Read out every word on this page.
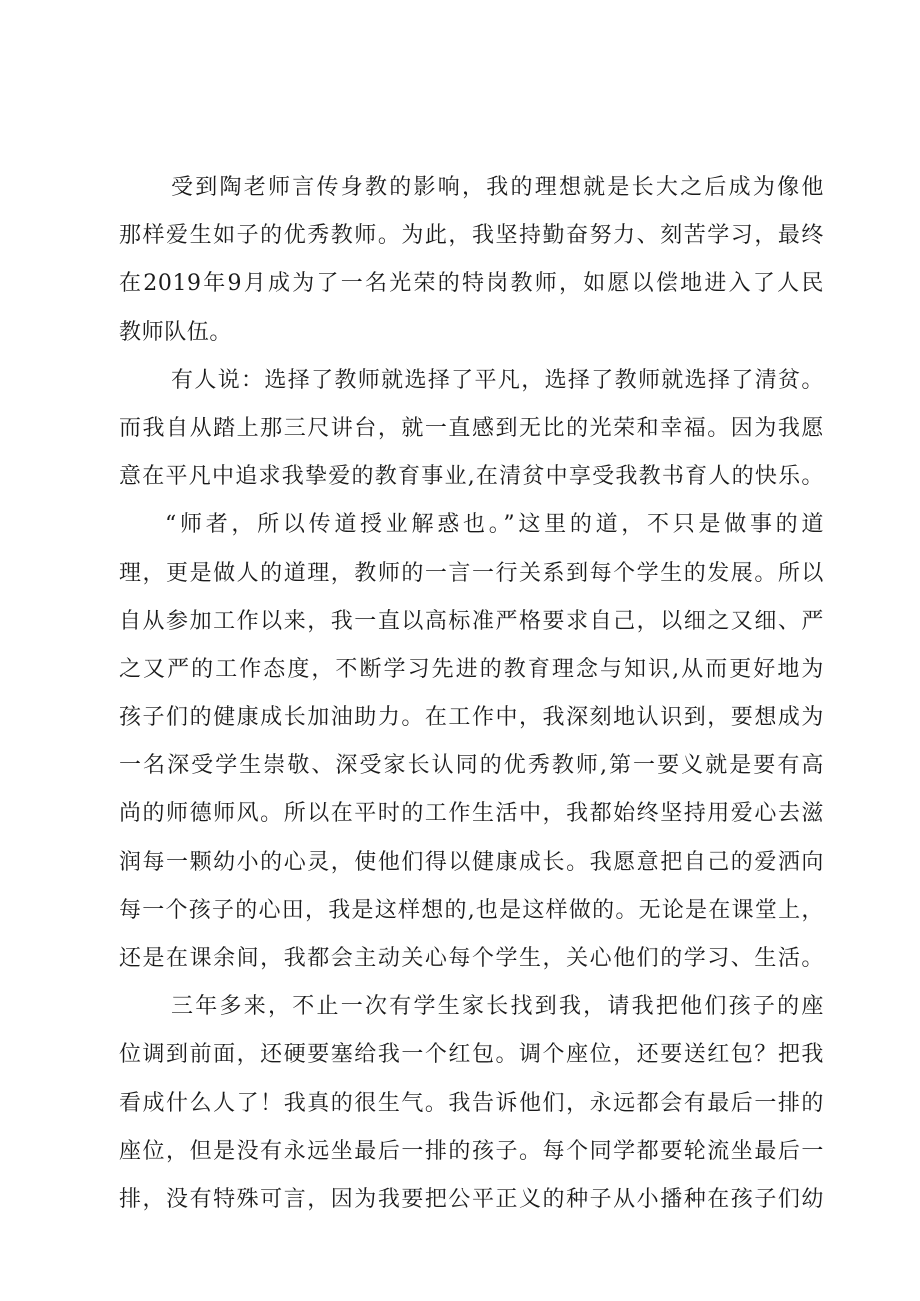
受到陶老师言传身教的影响，我的理想就是长大之后成为像他
那样爱生如子的优秀教师。为此，我坚持勤奋努力、刻苦学习，最终
在2019年9月成为了一名光荣的特岗教师，如愿以偿地进入了人民
教师队伍。
有人说：选择了教师就选择了平凡，选择了教师就选择了清贫。
而我自从踏上那三尺讲台，就一直感到无比的光荣和幸福。因为我愿
意在平凡中追求我挚爱的教育事业,在清贫中享受我教书育人的快乐。
“师者，所以传道授业解惑也。”这里的道，不只是做事的道
理，更是做人的道理，教师的一言一行关系到每个学生的发展。所以
自从参加工作以来，我一直以高标准严格要求自己，以细之又细、严
之又严的工作态度，不断学习先进的教育理念与知识,从而更好地为
孩子们的健康成长加油助力。在工作中，我深刻地认识到，要想成为
一名深受学生崇敬、深受家长认同的优秀教师,第一要义就是要有高
尚的师德师风。所以在平时的工作生活中，我都始终坚持用爱心去滋
润每一颗幼小的心灵，使他们得以健康成长。我愿意把自己的爱洒向
每一个孩子的心田，我是这样想的,也是这样做的。无论是在课堂上，
还是在课余间，我都会主动关心每个学生，关心他们的学习、生活。
三年多来，不止一次有学生家长找到我，请我把他们孩子的座
位调到前面，还硬要塞给我一个红包。调个座位，还要送红包？把我
看成什么人了！我真的很生气。我告诉他们，永远都会有最后一排的
座位，但是没有永远坐最后一排的孩子。每个同学都要轮流坐最后一
排，没有特殊可言，因为我要把公平正义的种子从小播种在孩子们幼
